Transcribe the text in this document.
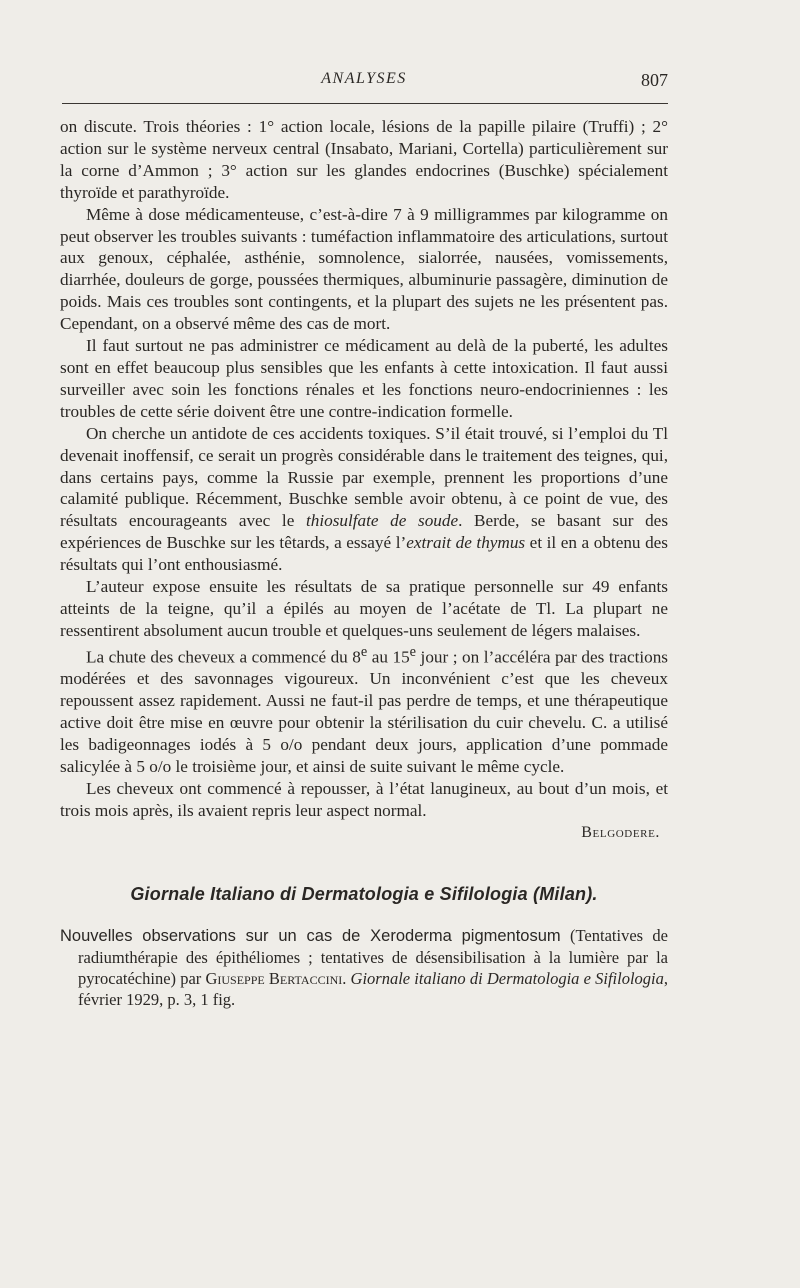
ANALYSES	807

on discute. Trois théories : 1° action locale, lésions de la papille pilaire (Truffi) ; 2° action sur le système nerveux central (Insabato, Mariani, Cortella) particulièrement sur la corne d’Ammon ; 3° action sur les glandes endocrines (Buschke) spécialement thyroïde et parathyroïde.

Même à dose médicamenteuse, c’est-à-dire 7 à 9 milligrammes par kilogramme on peut observer les troubles suivants : tuméfaction inflammatoire des articulations, surtout aux genoux, céphalée, asthénie, somnolence, sialorrée, nausées, vomissements, diarrhée, douleurs de gorge, poussées thermiques, albuminurie passagère, diminution de poids. Mais ces troubles sont contingents, et la plupart des sujets ne les présentent pas. Cependant, on a observé même des cas de mort.

Il faut surtout ne pas administrer ce médicament au delà de la puberté, les adultes sont en effet beaucoup plus sensibles que les enfants à cette intoxication. Il faut aussi surveiller avec soin les fonctions rénales et les fonctions neuro-endocriniennes : les troubles de cette série doivent être une contre-indication formelle.

On cherche un antidote de ces accidents toxiques. S’il était trouvé, si l’emploi du Tl devenait inoffensif, ce serait un progrès considérable dans le traitement des teignes, qui, dans certains pays, comme la Russie par exemple, prennent les proportions d’une calamité publique. Récemment, Buschke semble avoir obtenu, à ce point de vue, des résultats encourageants avec le thiosulfate de soude. Berde, se basant sur des expériences de Buschke sur les têtards, a essayé l’extrait de thymus et il en a obtenu des résultats qui l’ont enthousiasmé.

L’auteur expose ensuite les résultats de sa pratique personnelle sur 49 enfants atteints de la teigne, qu’il a épilés au moyen de l’acétate de Tl. La plupart ne ressentirent absolument aucun trouble et quelques-uns seulement de légers malaises.

La chute des cheveux a commencé du 8e au 15e jour ; on l’accéléra par des tractions modérées et des savonnages vigoureux. Un inconvénient c’est que les cheveux repoussent assez rapidement. Aussi ne faut-il pas perdre de temps, et une thérapeutique active doit être mise en œuvre pour obtenir la stérilisation du cuir chevelu. C. a utilisé les badigeonnages iodés à 5 o/o pendant deux jours, application d’une pommade salicylée à 5 o/o le troisième jour, et ainsi de suite suivant le même cycle.

Les cheveux ont commencé à repousser, à l’état lanugineux, au bout d’un mois, et trois mois après, ils avaient repris leur aspect normal.

Belgodere.

Giornale Italiano di Dermatologia e Sifilologia (Milan).

Nouvelles observations sur un cas de Xeroderma pigmentosum (Tentatives de radiumthérapie des épithéliomes ; tentatives de désensibilisation à la lumière par la pyrocatéchine) par Giuseppe Bertaccini. Giornale italiano di Dermatologia e Sifilologia, février 1929, p. 3, 1 fig.
